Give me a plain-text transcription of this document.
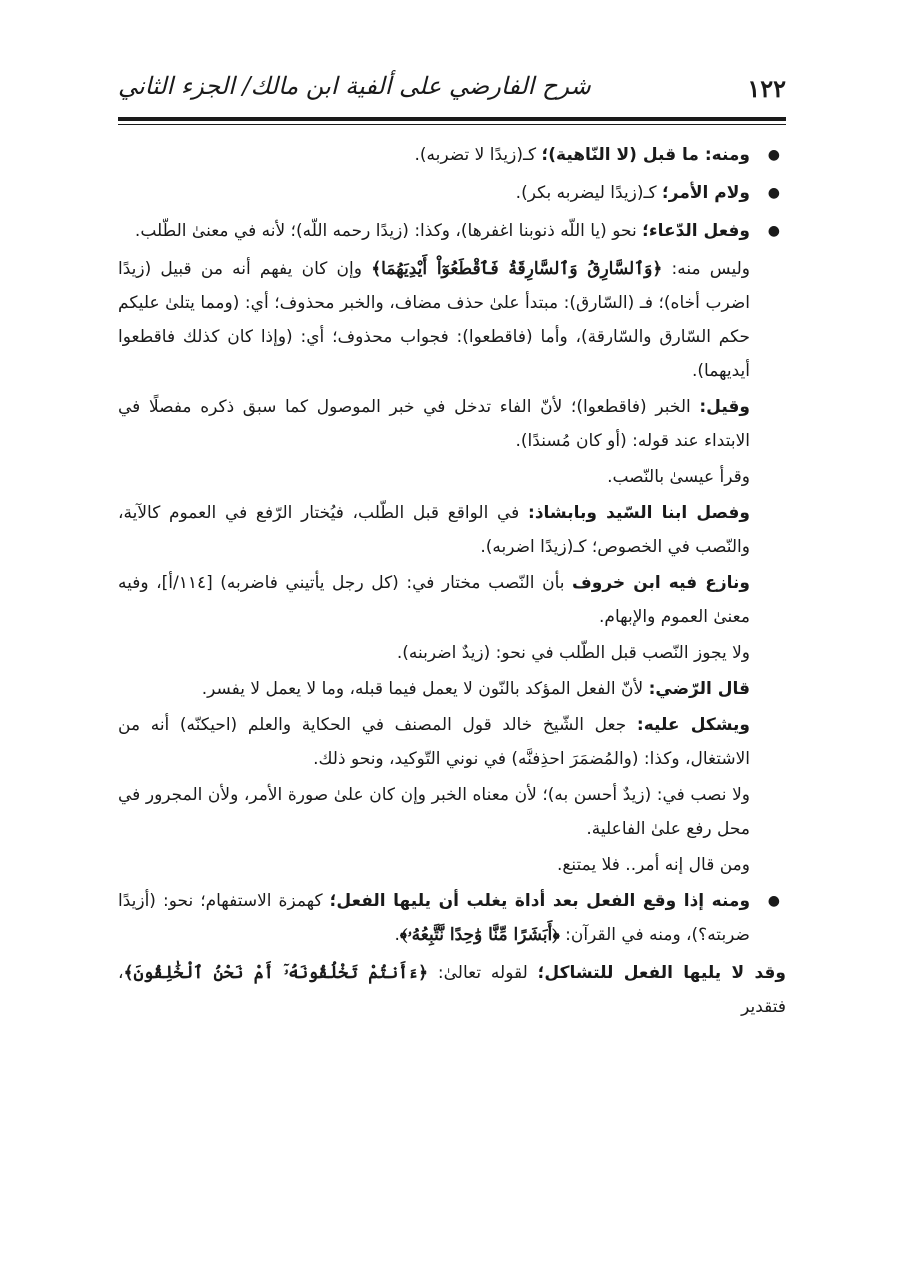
١٢٢
شرح الفارضي على ألفية ابن مالك/ الجزء الثاني

●
ومنه: ما قبل (لا النّاهية)؛ كـ(زيدًا لا تضربه).

●
ولام الأمر؛ كـ(زيدًا ليضربه بكر).

●
وفعل الدّعاء؛ نحو (يا اللّه ذنوبنا اغفرها)، وكذا: (زيدًا رحمه اللّه)؛ لأنه في معنىٰ الطّلب.

وليس منه: ﴿وَٱلسَّارِقُ وَٱلسَّارِقَةُ فَٱقْطَعُوٓاْ أَيْدِيَهُمَا﴾ وإن كان يفهم أنه من قبيل (زيدًا اضرب أخاه)؛ فـ (السّارق): مبتدأ علىٰ حذف مضاف، والخبر محذوف؛ أي: (ومما يتلىٰ عليكم حكم السّارق والسّارقة)، وأما (فاقطعوا): فجواب محذوف؛ أي: (وإذا كان كذلك فاقطعوا أيديهما).

وقيل: الخبر (فاقطعوا)؛ لأنّ الفاء تدخل في خبر الموصول كما سبق ذكره مفصلًا في الابتداء عند قوله: (أو كان مُسندًا).

وقرأ عيسىٰ بالنّصب.

وفصل ابنا السّيد وبابشاذ: في الواقع قبل الطّلب، فيُختار الرّفع في العموم كالآية، والنّصب في الخصوص؛ كـ(زيدًا اضربه).

ونازع فيه ابن خروف بأن النّصب مختار في: (كل رجل يأتيني فاضربه) [١١٤/أ]، وفيه معنىٰ العموم والإبهام.

ولا يجوز النّصب قبل الطّلب في نحو: (زيدٌ اضربنه).

قال الرّضي: لأنّ الفعل المؤكد بالنّون لا يعمل فيما قبله، وما لا يعمل لا يفسر.

ويشكل عليه: جعل الشّيخ خالد قول المصنف في الحكاية والعلم (احيكنّه) أنه من الاشتغال، وكذا: (والمُضمَرَ احذِفنَّه) في نوني التّوكيد، ونحو ذلك.

ولا نصب في: (زيدٌ أحسن به)؛ لأن معناه الخبر وإن كان علىٰ صورة الأمر، ولأن المجرور في محل رفع علىٰ الفاعلية.

ومن قال إنه أمر.. فلا يمتنع.

●
ومنه إذا وقع الفعل بعد أداة يغلب أن يليها الفعل؛ كهمزة الاستفهام؛ نحو: (أزيدًا ضربته؟)، ومنه في القرآن: ﴿أَبَشَرًا مِّنَّا وَٰحِدًا نَّتَّبِعُهُۥ﴾.

وقد لا يليها الفعل للتشاكل؛ لقوله تعالىٰ: ﴿ءَأَنتُمْ تَخْلُقُونَهُۥٓ أَمْ نَحْنُ ٱلْخَٰلِقُونَ﴾، فتقدير
